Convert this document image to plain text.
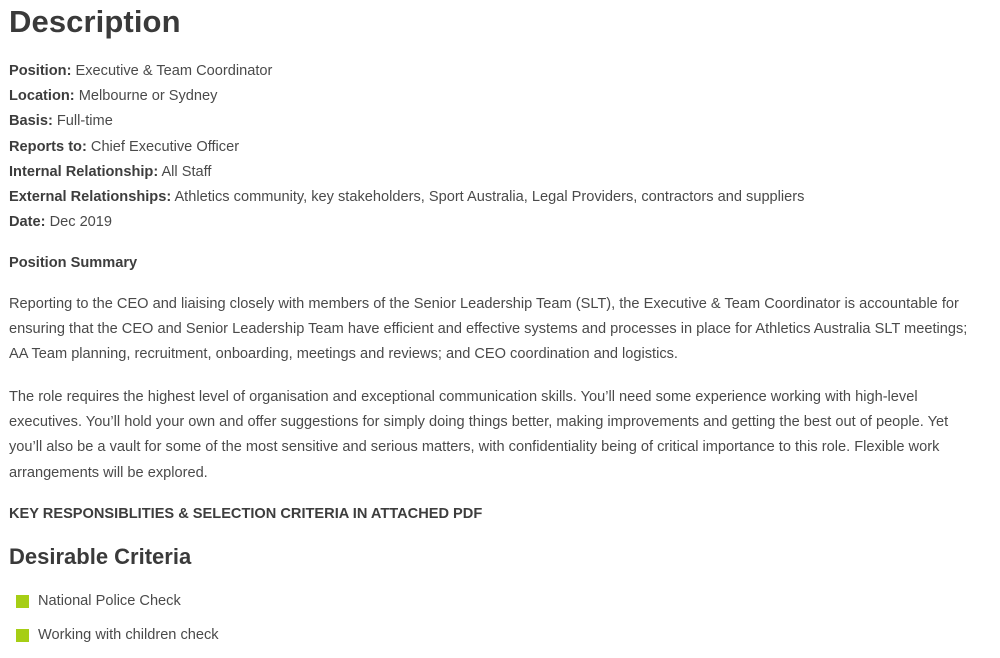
Description
Position: Executive & Team Coordinator
Location: Melbourne or Sydney
Basis: Full-time
Reports to: Chief Executive Officer
Internal Relationship: All Staff
External Relationships: Athletics community, key stakeholders, Sport Australia, Legal Providers, contractors and suppliers
Date: Dec 2019
Position Summary

Reporting to the CEO and liaising closely with members of the Senior Leadership Team (SLT), the Executive & Team Coordinator is accountable for ensuring that the CEO and Senior Leadership Team have efficient and effective systems and processes in place for Athletics Australia SLT meetings; AA Team planning, recruitment, onboarding, meetings and reviews; and CEO coordination and logistics.

The role requires the highest level of organisation and exceptional communication skills. You’ll need some experience working with high-level executives. You’ll hold your own and offer suggestions for simply doing things better, making improvements and getting the best out of people. Yet you’ll also be a vault for some of the most sensitive and serious matters, with confidentiality being of critical importance to this role. Flexible work arrangements will be explored.

KEY RESPONSIBLITIES & SELECTION CRITERIA IN ATTACHED PDF
Desirable Criteria
National Police Check
Working with children check
